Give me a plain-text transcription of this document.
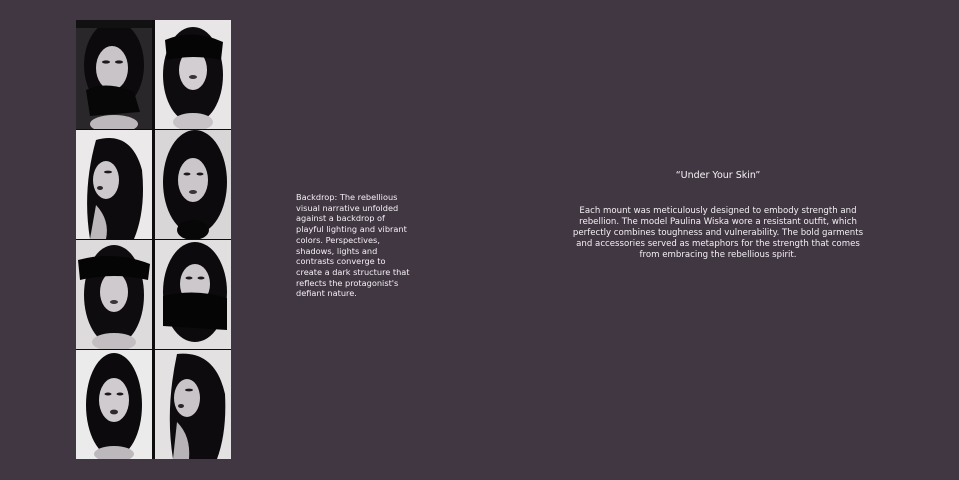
Backdrop: The rebellious visual narrative unfolded against a backdrop of playful lighting and vibrant colors. Perspectives, shadows, lights and contrasts converge to create a dark structure that reflects the protagonist's defiant nature.

“Under Your Skin”

Each mount was meticulously designed to embody strength and rebellion. The model Paulina Wiska wore a resistant outfit, which perfectly combines toughness and vulnerability. The bold garments and accessories served as metaphors for the strength that comes from embracing the rebellious spirit.
